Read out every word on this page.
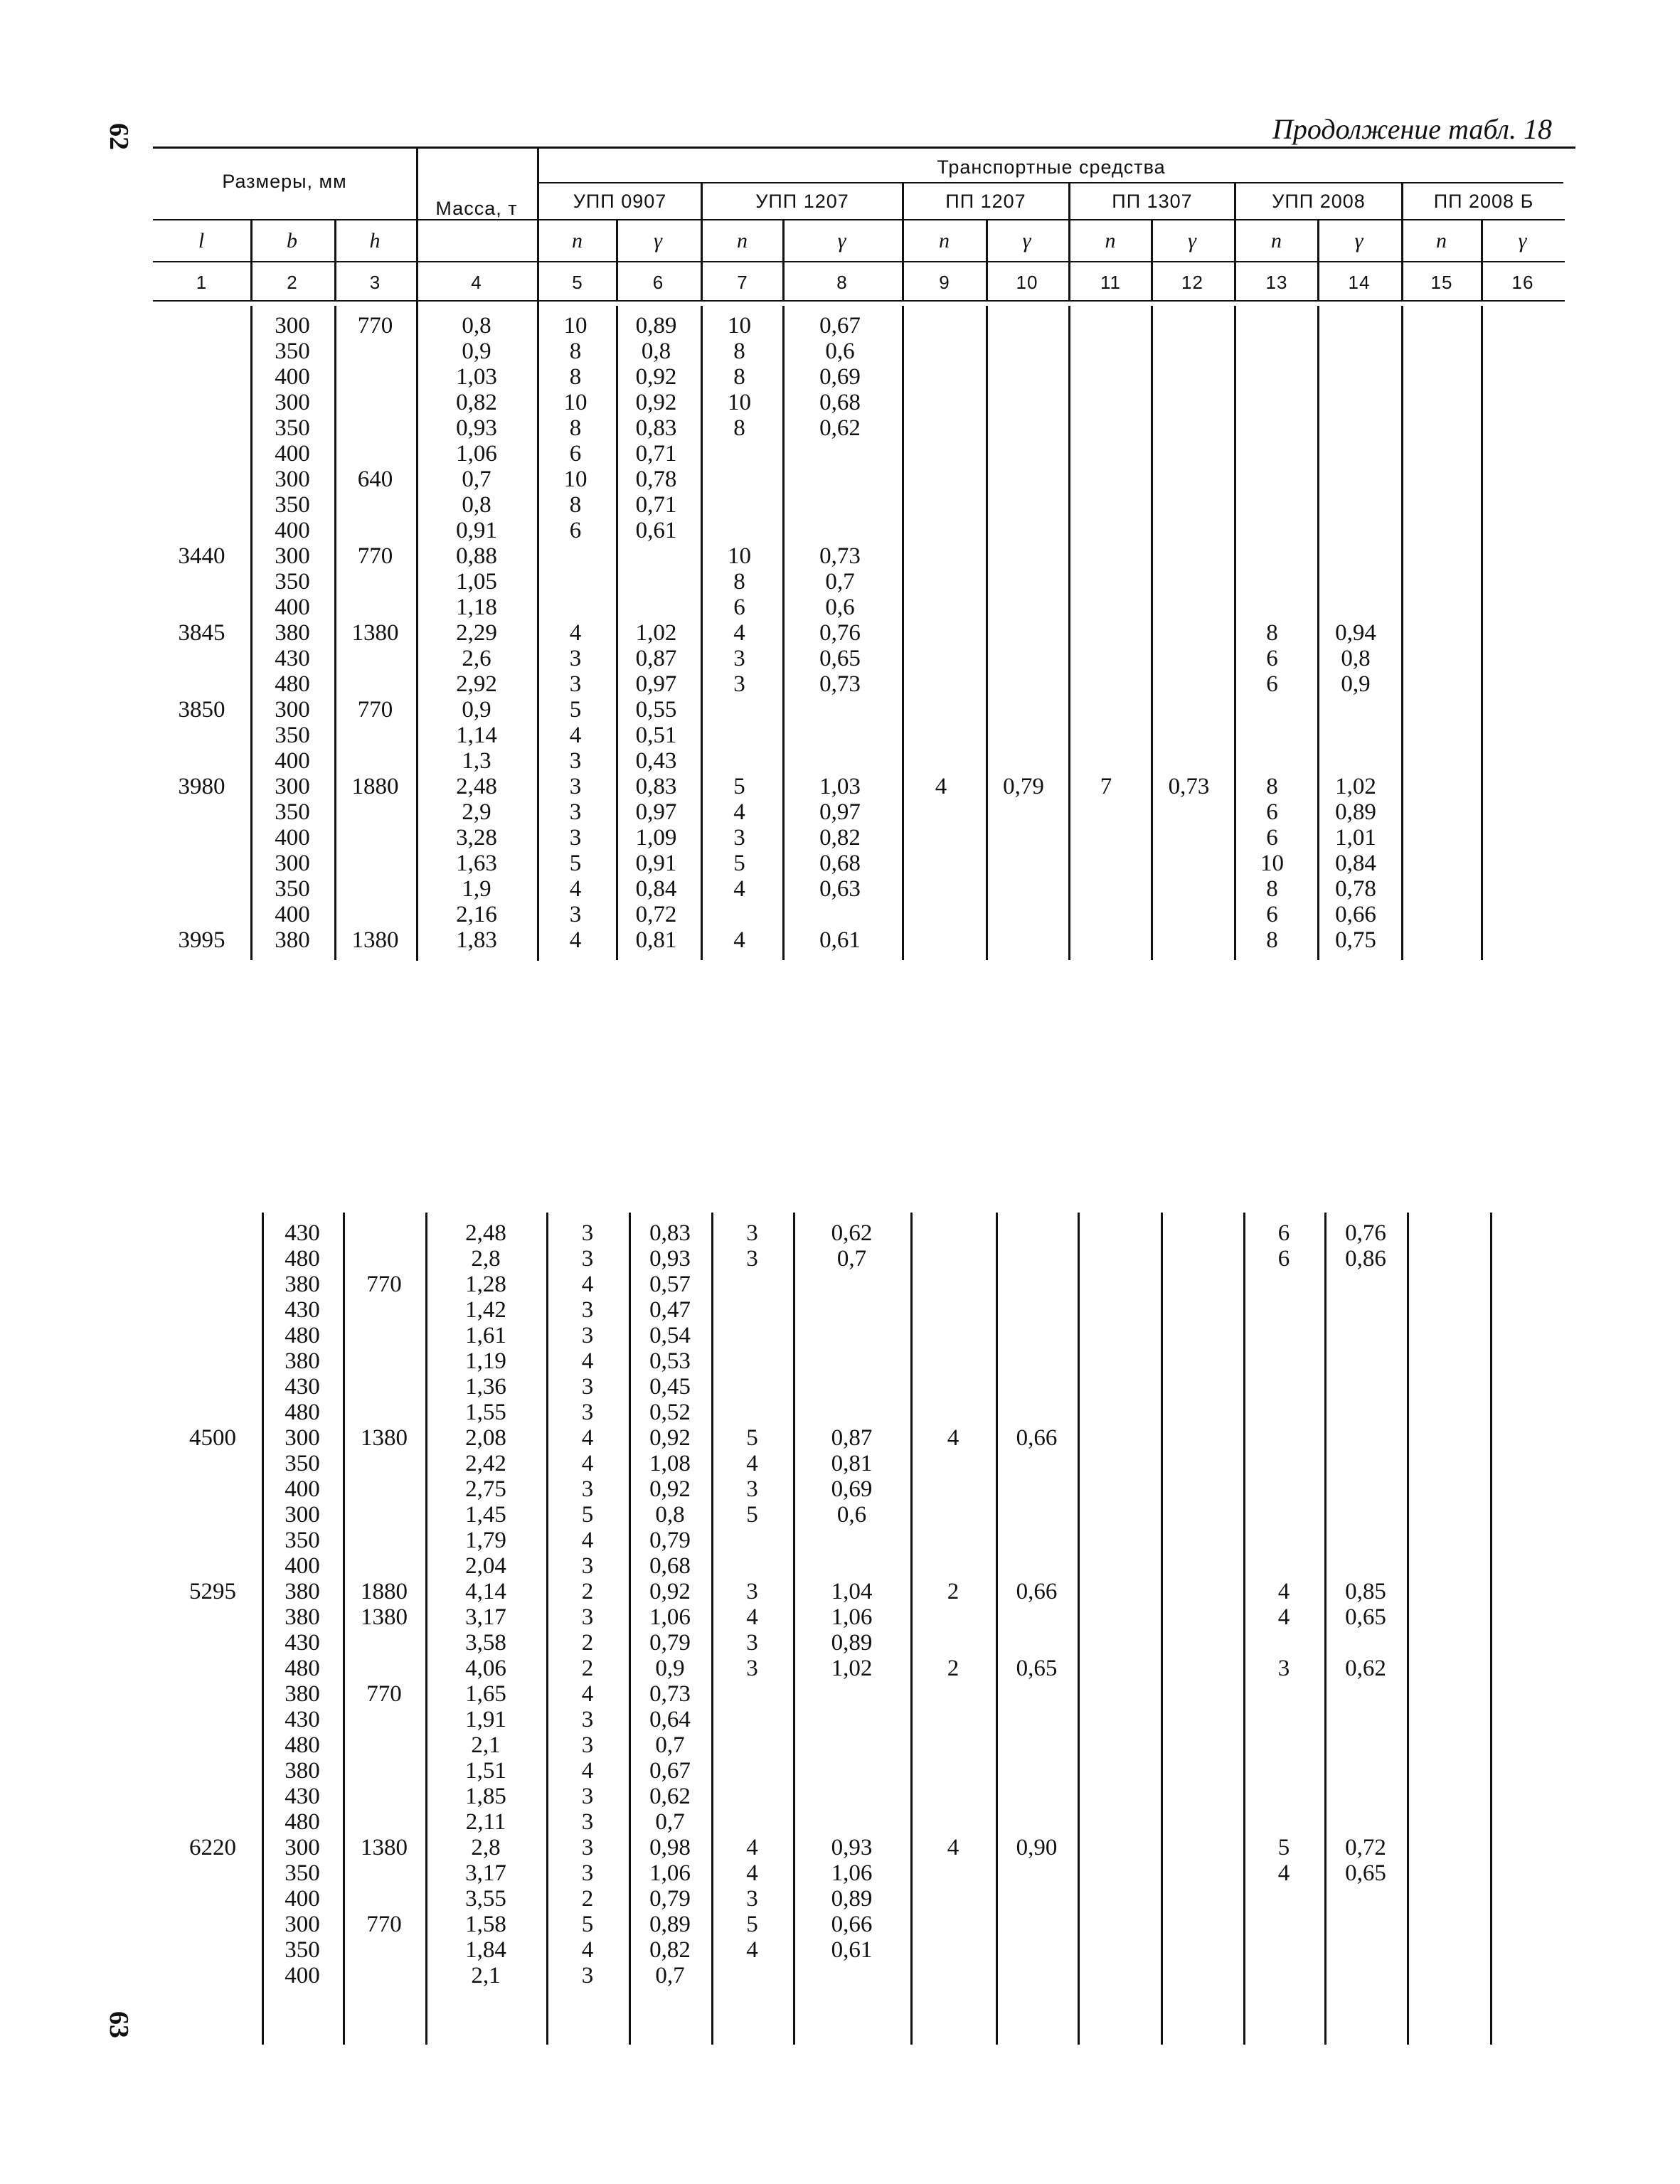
62
63
Продолжение табл. 18
Размеры, мм
Масса, т
Транспортные средства
УПП 0907	УПП 1207	ПП 1207	ПП 1307	УПП 2008	ПП 2008 Б
l	b	h	n	γ	n	γ	n	γ	n	γ	n	γ	n	γ
1	2	3	4	5	6	7	8	9	10	11	12	13	14	15	16
	300	770	0,8	10	0,89	10	0,67								
	350		0,9	8	0,8	8	0,6								
	400		1,03	8	0,92	8	0,69								
	300		0,82	10	0,92	10	0,68								
	350		0,93	8	0,83	8	0,62								
	400		1,06	6	0,71										
	300	640	0,7	10	0,78										
	350		0,8	8	0,71										
	400		0,91	6	0,61										
3440	300	770	0,88			10	0,73								
	350		1,05			8	0,7								
	400		1,18			6	0,6								
3845	380	1380	2,29	4	1,02	4	0,76					8	0,94		
	430		2,6	3	0,87	3	0,65					6	0,8		
	480		2,92	3	0,97	3	0,73					6	0,9		
3850	300	770	0,9	5	0,55										
	350		1,14	4	0,51										
	400		1,3	3	0,43										
3980	300	1880	2,48	3	0,83	5	1,03	4	0,79	7	0,73	8	1,02		
	350		2,9	3	0,97	4	0,97					6	0,89		
	400		3,28	3	1,09	3	0,82					6	1,01		
	300		1,63	5	0,91	5	0,68					10	0,84		
	350		1,9	4	0,84	4	0,63					8	0,78		
	400		2,16	3	0,72							6	0,66		
3995	380	1380	1,83	4	0,81	4	0,61					8	0,75		
	430		2,48	3	0,83	3	0,62					6	0,76		
	480		2,8	3	0,93	3	0,7					6	0,86		
	380	770	1,28	4	0,57										
	430		1,42	3	0,47										
	480		1,61	3	0,54										
	380		1,19	4	0,53										
	430		1,36	3	0,45										
	480		1,55	3	0,52										
4500	300	1380	2,08	4	0,92	5	0,87	4	0,66						
	350		2,42	4	1,08	4	0,81								
	400		2,75	3	0,92	3	0,69								
	300		1,45	5	0,8	5	0,6								
	350		1,79	4	0,79										
	400		2,04	3	0,68										
5295	380	1880	4,14	2	0,92	3	1,04	2	0,66			4	0,85		
	380	1380	3,17	3	1,06	4	1,06					4	0,65		
	430		3,58	2	0,79	3	0,89								
	480		4,06	2	0,9	3	1,02	2	0,65			3	0,62		
	380	770	1,65	4	0,73										
	430		1,91	3	0,64										
	480		2,1	3	0,7										
	380		1,51	4	0,67										
	430		1,85	3	0,62										
	480		2,11	3	0,7										
6220	300	1380	2,8	3	0,98	4	0,93	4	0,90			5	0,72		
	350		3,17	3	1,06	4	1,06					4	0,65		
	400		3,55	2	0,79	3	0,89								
	300	770	1,58	5	0,89	5	0,66								
	350		1,84	4	0,82	4	0,61								
	400		2,1	3	0,7										
